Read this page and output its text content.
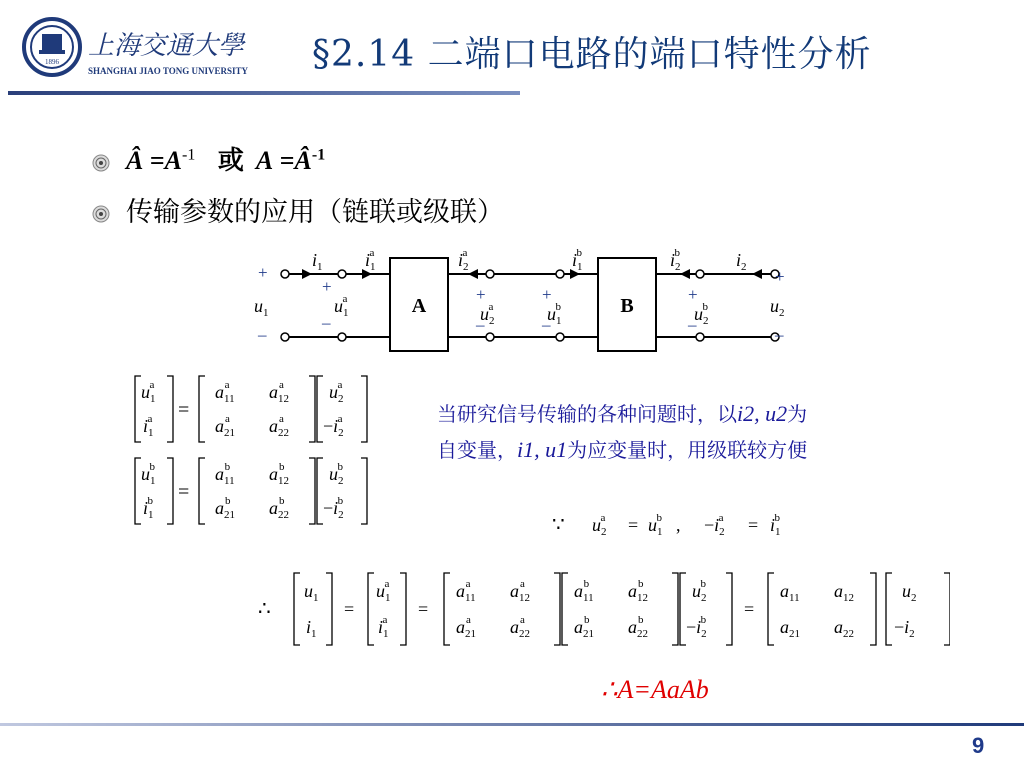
1896
上海交通大學
SHANGHAI JIAO TONG UNIVERSITY §2.14 二端口电路的端口特性分析
Â $=A^{-1}$ 或 $A =Â^{-1}$
传输参数的应用（链联或级联）
A	B
+
–
+
–
+
–
+
–
+
–
+
–
$i_1$ $i_1a$	$i_2a$	$i_1b$	$i_2b$	$i_2$
$u_1$	$u_1a$
$u_2a$	$u_1b$	$u_2b$	$u_2$
$u_1a$
$i_1a$
$a_{11}a$ $a_{12}a$
$a_{21}a$ $a_{22}a$
$u_2a$
$-i_2a$
$u_1b$
$i_1b$
$a_{11}b$ $a_{12}b$
$a_{21}b$ $a_{22}b$
$u_2b$
$-i_2b$
=
=
当研究信号传输的各种问题时，以i2, u2为
自变量，i1, u1为应变量时，用级联较方便
∵ $u_2a$ $u_1b -i_2a$	$i_1b$
= ,	=
∴	=	=	=
$u_1$
$i_1$
$u_1a$
$i_1a$
$a_{11}a$ $a_{12}a$
$a_{21}a$ $a_{22}a$
$a_{11}b$ $a_{12}b$
$a_{21}b$ $a_{22}b$
$u_2b$
$-i_2b$
$a_{11}$ $a_{12}$
$a_{21}$ $a_{22}$
$u_2$
$-i_2$
∴A=AaAb
9
